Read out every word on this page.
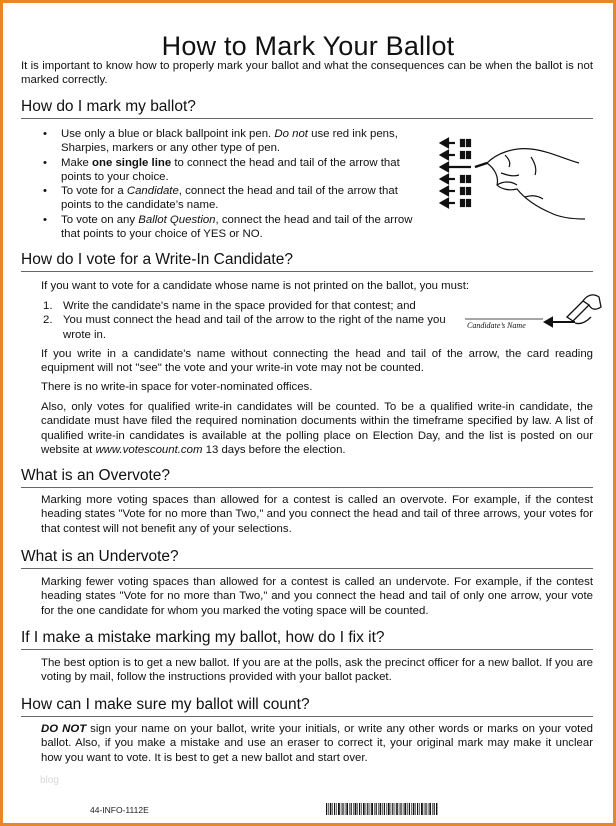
How to Mark Your Ballot

It is important to know how to properly mark your ballot and what the consequences can be when the ballot is not marked correctly.

How do I mark my ballot?
• Use only a blue or black ballpoint ink pen. Do not use red ink pens, Sharpies, markers or any other type of pen.
• Make one single line to connect the head and tail of the arrow that points to your choice.
• To vote for a Candidate, connect the head and tail of the arrow that points to the candidate’s name.
• To vote on any Ballot Question, connect the head and tail of the arrow that points to your choice of YES or NO.
How do I vote for a Write-In Candidate?

If you want to vote for a candidate whose name is not printed on the ballot, you must:

1. Write the candidate's name in the space provided for that contest; and
2. You must connect the head and tail of the arrow to the right of the name you wrote in.
Candidate’s Name

If you write in a candidate's name without connecting the head and tail of the arrow, the card reading equipment will not "see" the vote and your write-in vote may not be counted.

There is no write-in space for voter-nominated offices.

Also, only votes for qualified write-in candidates will be counted. To be a qualified write-in candidate, the candidate must have filed the required nomination documents within the timeframe specified by law. A list of qualified write-in candidates is available at the polling place on Election Day, and the list is posted on our website at www.votescount.com 13 days before the election.

What is an Overvote?

Marking more voting spaces than allowed for a contest is called an overvote. For example, if the contest heading states "Vote for no more than Two," and you connect the head and tail of three arrows, your votes for that contest will not benefit any of your selections.

What is an Undervote?

Marking fewer voting spaces than allowed for a contest is called an undervote. For example, if the contest heading states "Vote for no more than Two," and you connect the head and tail of only one arrow, your vote for the one candidate for whom you marked the voting space will be counted.

If I make a mistake marking my ballot, how do I fix it?

The best option is to get a new ballot. If you are at the polls, ask the precinct officer for a new ballot. If you are voting by mail, follow the instructions provided with your ballot packet.

How can I make sure my ballot will count?

DO NOT sign your name on your ballot, write your initials, or write any other words or marks on your voted ballot. Also, if you make a mistake and use an eraser to correct it, your original mark may make it unclear how you want to vote. It is best to get a new ballot and start over.

blog
44-INFO-1112E
